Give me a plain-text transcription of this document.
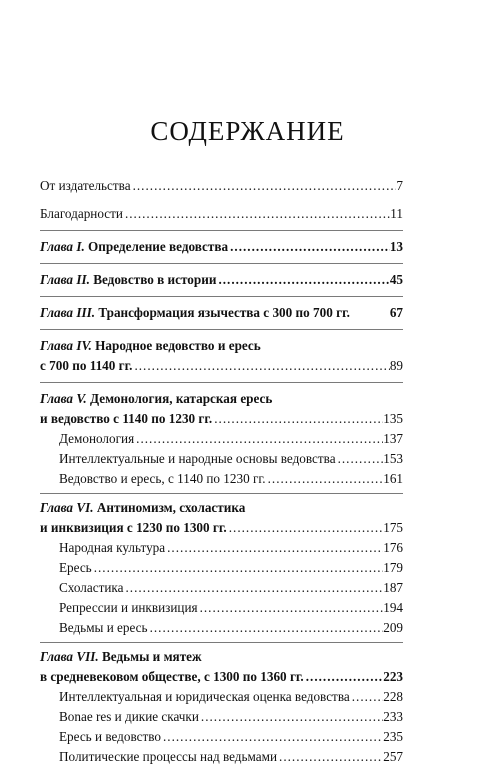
СОДЕРЖАНИЕ
От издательства .....	7
Благодарности .....	11
Глава I. Определение ведовства .....	13
Глава II. Ведовство в истории .....	45
Глава III. Трансформация язычества с 300 по 700 гг.	67
Глава IV. Народное ведовство и ересь
с 700 по 1140 гг. .....	89
Глава V. Демонология, катарская ересь
и ведовство с 1140 по 1230 гг. .....	135
Демонология .....	137
Интеллектуальные и народные основы ведовства .....	153
Ведовство и ересь, с 1140 по 1230 гг. .....	161
Глава VI. Антиномизм, схоластика
и инквизиция с 1230 по 1300 гг. .....	175
Народная культура .....	176
Ересь .....	179
Схоластика .....	187
Репрессии и инквизиция .....	194
Ведьмы и ересь .....	209
Глава VII. Ведьмы и мятеж
в средневековом обществе, с 1300 по 1360 гг. .....	223
Интеллектуальная и юридическая оценка ведовства .....	228
Bonae res и дикие скачки .....	233
Ересь и ведовство .....	235
Политические процессы над ведьмами .....	257
